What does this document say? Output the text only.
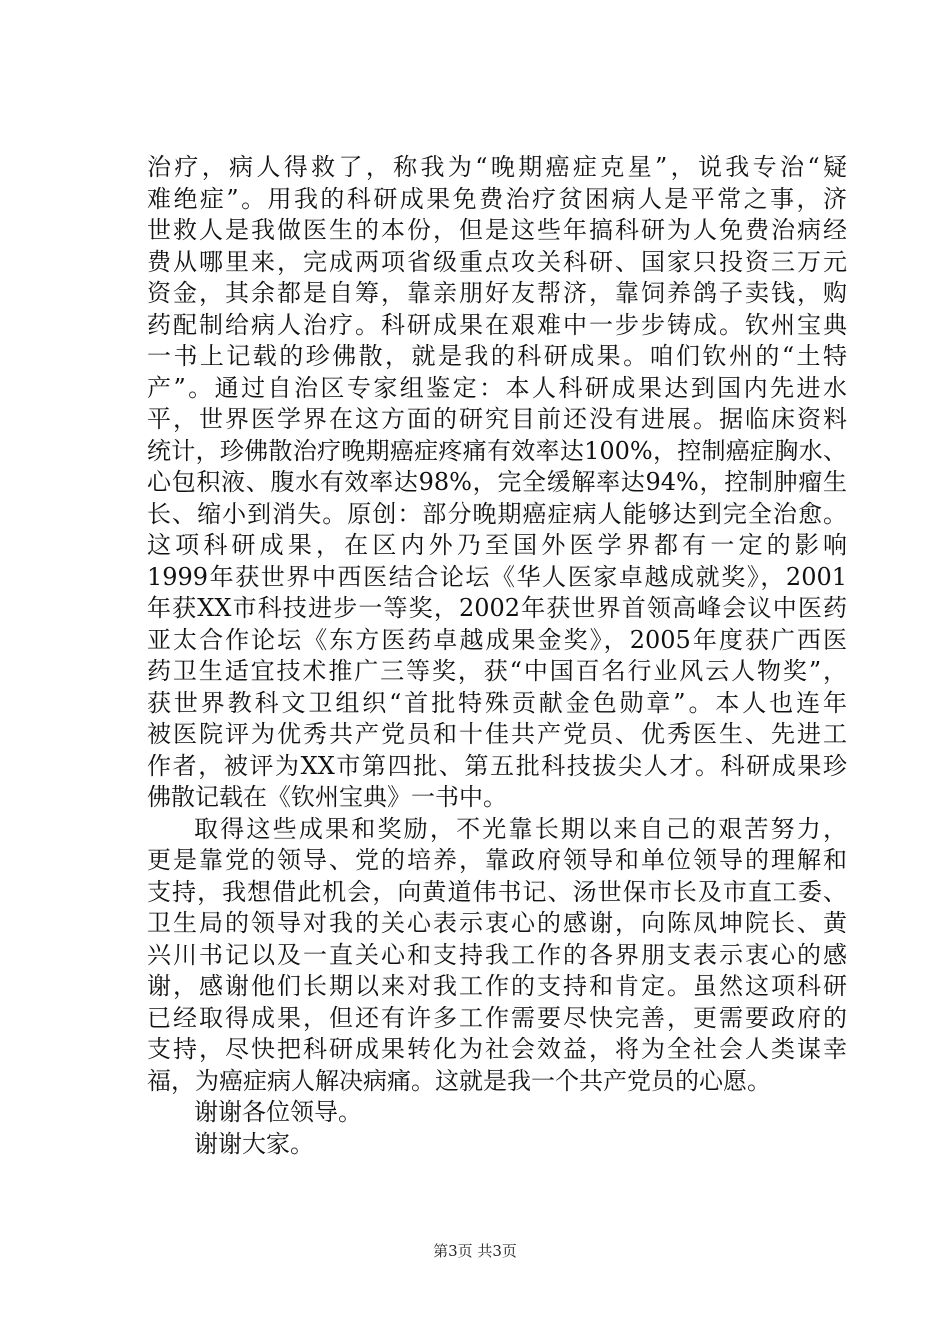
治疗，病人得救了，称我为“晚期癌症克星”，说我专治“疑
难绝症”。用我的科研成果免费治疗贫困病人是平常之事，济
世救人是我做医生的本份，但是这些年搞科研为人免费治病经
费从哪里来，完成两项省级重点攻关科研、国家只投资三万元
资金，其余都是自筹，靠亲朋好友帮济，靠饲养鸽子卖钱，购
药配制给病人治疗。科研成果在艰难中一步步铸成。钦州宝典
一书上记载的珍佛散，就是我的科研成果。咱们钦州的“土特
产”。通过自治区专家组鉴定：本人科研成果达到国内先进水
平，世界医学界在这方面的研究目前还没有进展。据临床资料
统计，珍佛散治疗晚期癌症疼痛有效率达100%，控制癌症胸水、
心包积液、腹水有效率达98%，完全缓解率达94%，控制肿瘤生
长、缩小到消失。原创：部分晚期癌症病人能够达到完全治愈。
这项科研成果，在区内外乃至国外医学界都有一定的影响
1999年获世界中西医结合论坛《华人医家卓越成就奖》，2001
年获XX市科技进步一等奖，2002年获世界首领高峰会议中医药
亚太合作论坛《东方医药卓越成果金奖》，2005年度获广西医
药卫生适宜技术推广三等奖，获“中国百名行业风云人物奖”，
获世界教科文卫组织“首批特殊贡献金色勋章”。本人也连年
被医院评为优秀共产党员和十佳共产党员、优秀医生、先进工
作者，被评为XX市第四批、第五批科技拔尖人才。科研成果珍
佛散记载在《钦州宝典》一书中。
取得这些成果和奖励，不光靠长期以来自己的艰苦努力，
更是靠党的领导、党的培养，靠政府领导和单位领导的理解和
支持，我想借此机会，向黄道伟书记、汤世保市长及市直工委、
卫生局的领导对我的关心表示衷心的感谢，向陈凤坤院长、黄
兴川书记以及一直关心和支持我工作的各界朋支表示衷心的感
谢，感谢他们长期以来对我工作的支持和肯定。虽然这项科研
已经取得成果，但还有许多工作需要尽快完善，更需要政府的
支持，尽快把科研成果转化为社会效益，将为全社会人类谋幸
福，为癌症病人解决病痛。这就是我一个共产党员的心愿。
谢谢各位领导。
谢谢大家。
第3页 共3页
